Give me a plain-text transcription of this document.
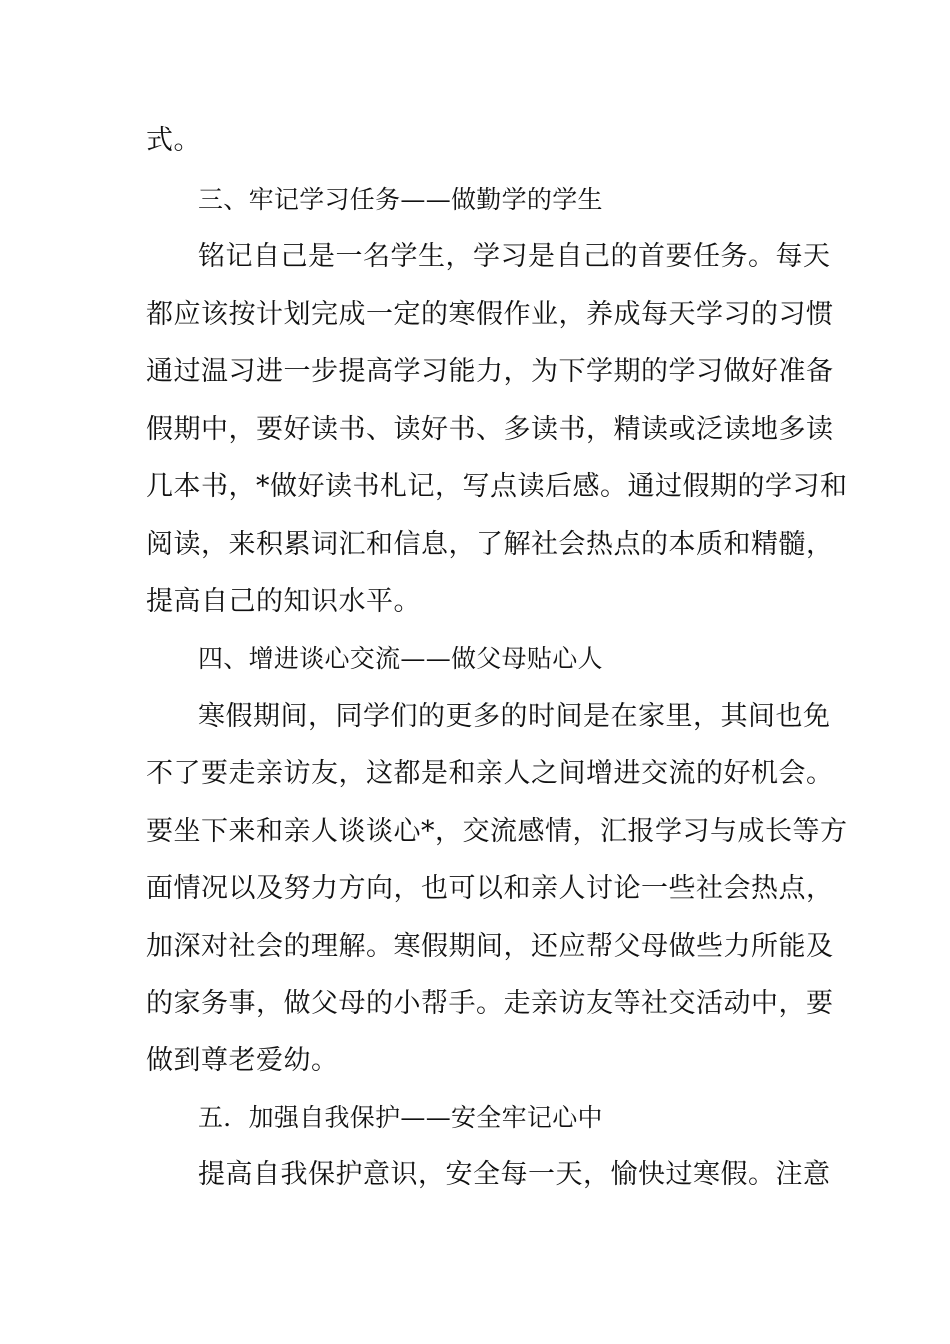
式。
三、牢记学习任务——做勤学的学生
铭记自己是一名学生，学习是自己的首要任务。每天
都应该按计划完成一定的寒假作业，养成每天学习的习惯
通过温习进一步提高学习能力，为下学期的学习做好准备
假期中，要好读书、读好书、多读书，精读或泛读地多读
几本书，*做好读书札记，写点读后感。通过假期的学习和
阅读，来积累词汇和信息，了解社会热点的本质和精髓，
提高自己的知识水平。
四、增进谈心交流——做父母贴心人
寒假期间，同学们的更多的时间是在家里，其间也免
不了要走亲访友，这都是和亲人之间增进交流的好机会。
要坐下来和亲人谈谈心*，交流感情，汇报学习与成长等方
面情况以及努力方向，也可以和亲人讨论一些社会热点，
加深对社会的理解。寒假期间，还应帮父母做些力所能及
的家务事，做父母的小帮手。走亲访友等社交活动中，要
做到尊老爱幼。
五．加强自我保护——安全牢记心中
提高自我保护意识，安全每一天，愉快过寒假。注意
